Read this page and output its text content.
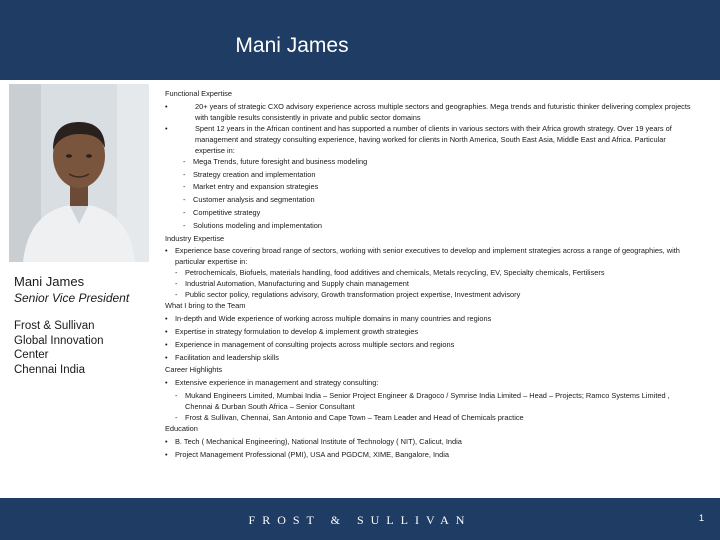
Mani James
Mani James
Senior Vice President
Frost & Sullivan
Global Innovation
Center
Chennai India
Functional Expertise
• 20+ years of strategic CXO advisory experience across multiple sectors and geographies. Mega trends and futuristic thinker delivering complex projects with tangible results consistently in private and public sector domains
• Spent 12 years in the African continent and has supported a number of clients in various sectors with their Africa growth strategy. Over 19 years of management and strategy consulting experience, having worked for clients in North America, South East Asia, Middle East and Africa. Particular expertise in:
- Mega Trends, future foresight and business modeling
- Strategy creation and implementation
- Market entry and expansion strategies
- Customer analysis and segmentation
- Competitive strategy
- Solutions modeling and implementation
Industry Expertise
• Experience base covering broad range of sectors, working with senior executives to develop and implement strategies across a range of geographies, with particular expertise in:
- Petrochemicals, Biofuels, materials handling, food additives and chemicals, Metals recycling, EV, Specialty chemicals, Fertilisers
- Industrial Automation, Manufacturing and Supply chain management
- Public sector policy, regulations advisory, Growth transformation project expertise, Investment advisory
What I bring to the Team
• In-depth and Wide experience of working across multiple domains in many countries and regions
• Expertise in strategy formulation to develop & implement growth strategies
• Experience in management of consulting projects across multiple sectors and regions
• Facilitation and leadership skills
Career Highlights
• Extensive experience in management and strategy consulting:
- Mukand Engineers Limited, Mumbai India – Senior Project Engineer & Dragoco / Symrise India Limited – Head – Projects; Ramco Systems Limited , Chennai & Durban South Africa – Senior Consultant
- Frost & Sullivan, Chennai, San Antonio and Cape Town – Team Leader and Head of Chemicals practice
Education
• B. Tech ( Mechanical Engineering), National Institute of Technology ( NIT), Calicut, India
• Project Management Professional (PMI), USA and PGDCM, XIME, Bangalore, India
FROST & SULLIVAN	1
